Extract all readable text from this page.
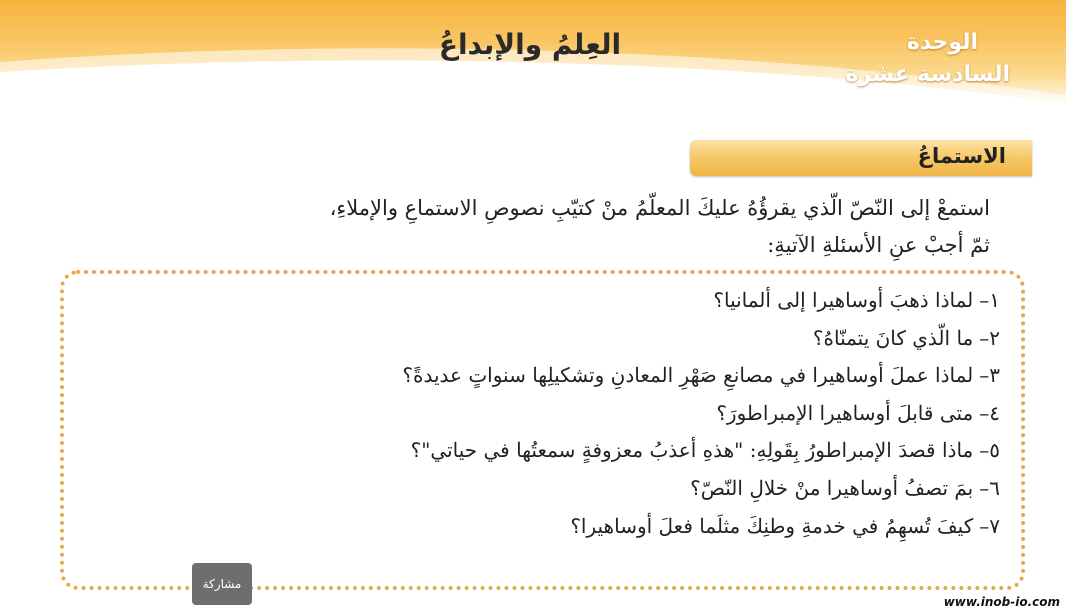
الوحدة
السادسة عشرة
العِلمُ والإبداعُ
الاستماعُ
استمعْ إلى النّصّ الّذي يقرؤُهُ عليكَ المعلّمُ منْ كتيّبِ نصوصِ الاستماعِ والإملاءِ،
ثمّ أجبْ عنِ الأسئلةِ الآتيةِ:
١–لماذا ذهبَ أوساهيرا إلى ألمانيا؟
٢–ما الّذي كانَ يتمنّاهُ؟
٣–لماذا عملَ أوساهيرا في مصانعِ صَهْرِ المعادنِ وتشكيلِها سنواتٍ عديدةً؟
٤–متى قابلَ أوساهيرا الإمبراطورَ؟
٥–ماذا قصدَ الإمبراطورُ بِقَولِهِ: "هذهِ أعذبُ معزوفةٍ سمعتُها في حياتي"؟
٦–بمَ تصفُ أوساهيرا منْ خلالِ النّصّ؟
٧–كيفَ تُسهِمُ في خدمةِ وطنِكَ مثلَما فعلَ أوساهيرا؟
مشاركة
www.inob-io.com
